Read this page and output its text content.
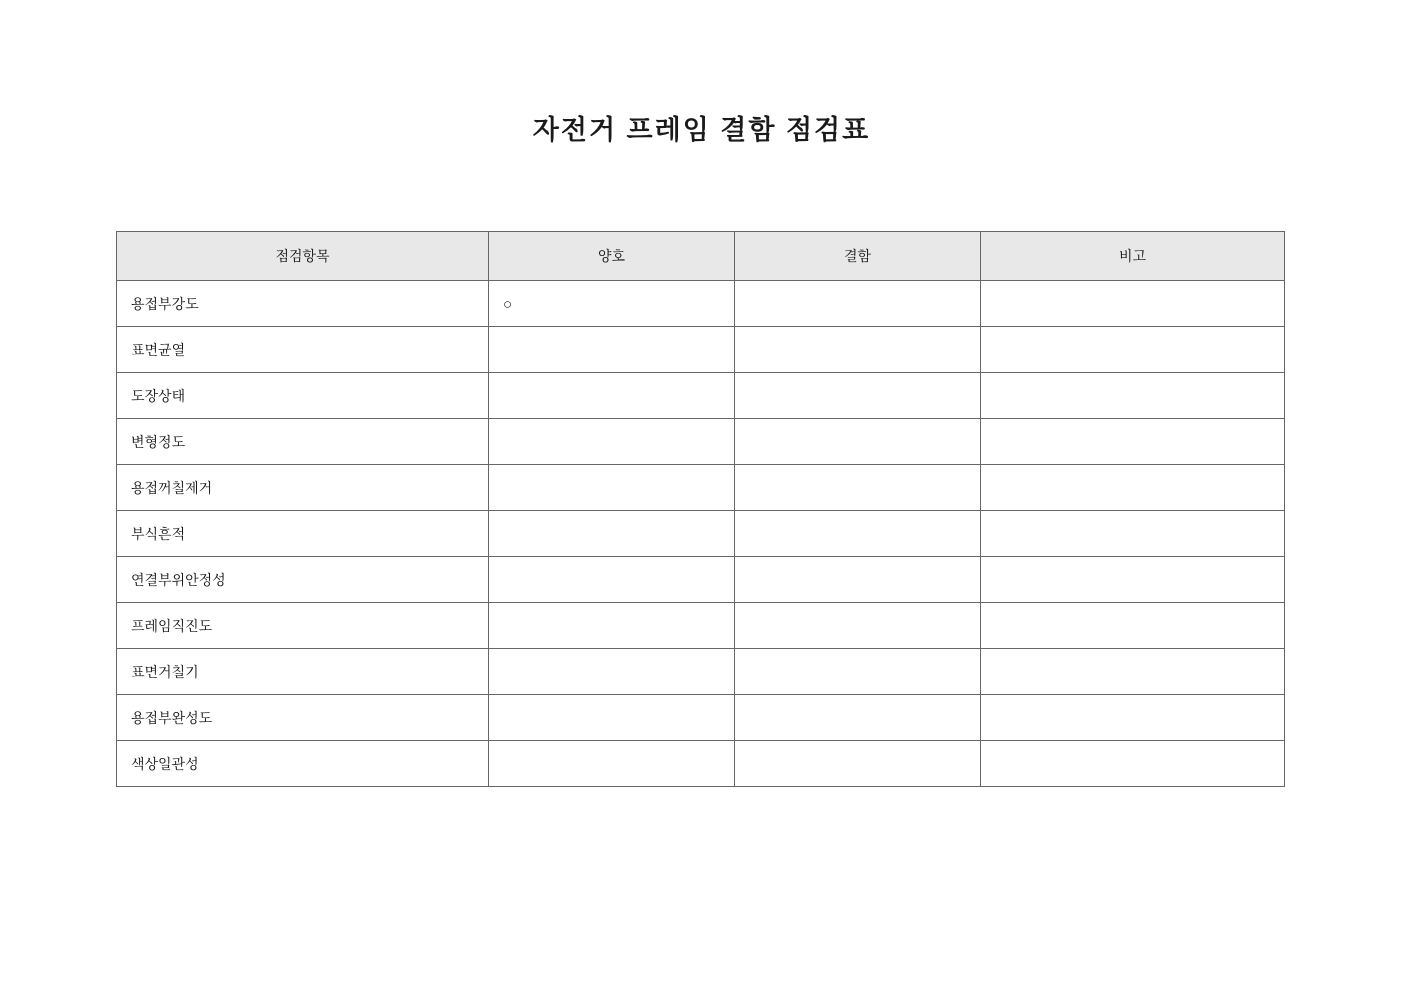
자전거 프레임 결함 점검표
점검항목	양호	결함	비고
용접부강도	○		
표면균열			
도장상태			
변형정도			
용접꺼칠제거			
부식흔적			
연결부위안정성			
프레임직진도			
표면거칠기			
용접부완성도			
색상일관성			
